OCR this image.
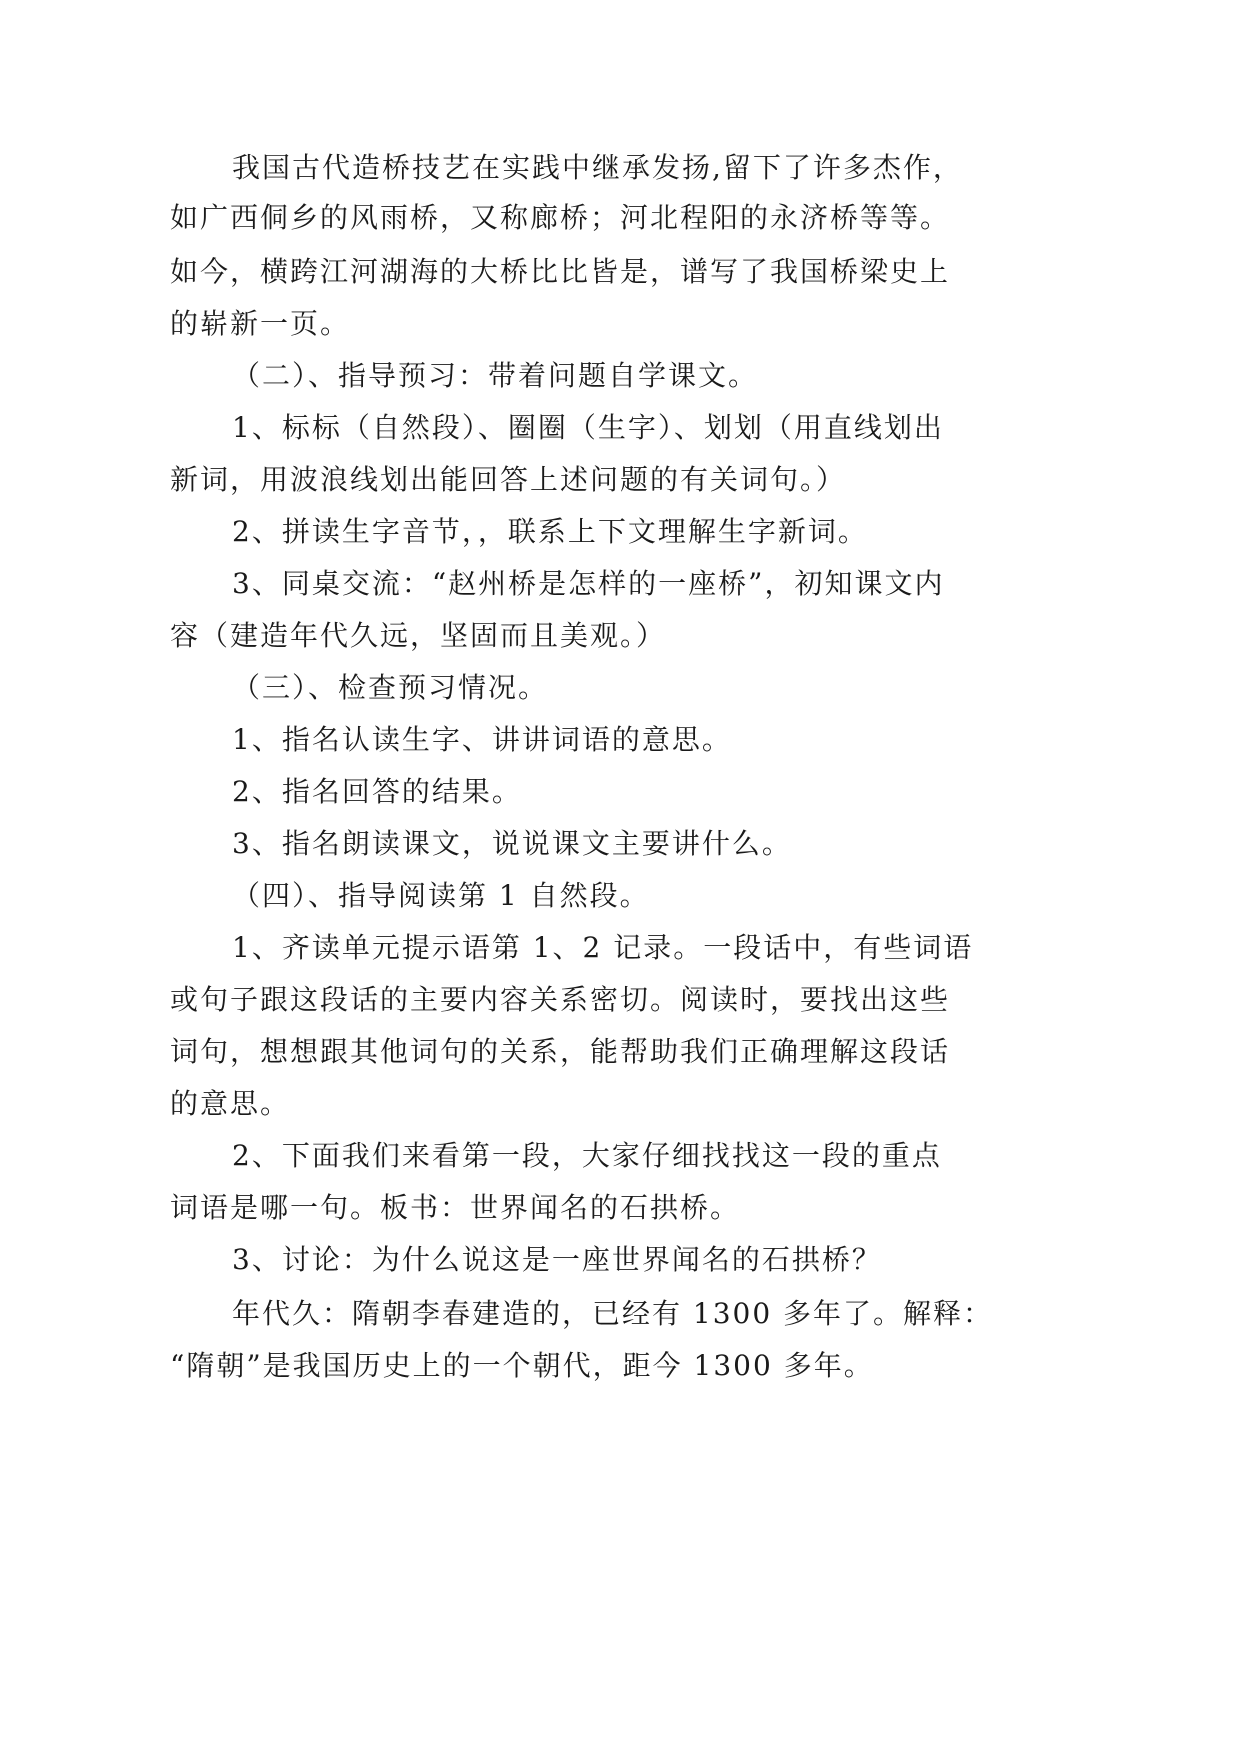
我国古代造桥技艺在实践中继承发扬,留下了许多杰作，
如广西侗乡的风雨桥，又称廊桥；河北程阳的永济桥等等。
如今，横跨江河湖海的大桥比比皆是，谱写了我国桥梁史上
的崭新一页。
（二）、指导预习：带着问题自学课文。
1、标标（自然段）、圈圈（生字）、划划（用直线划出
新词，用波浪线划出能回答上述问题的有关词句。）
2、拼读生字音节，，联系上下文理解生字新词。
3、同桌交流：“赵州桥是怎样的一座桥”，初知课文内
容（建造年代久远，坚固而且美观。）
（三）、检查预习情况。
1、指名认读生字、讲讲词语的意思。
2、指名回答的结果。
3、指名朗读课文，说说课文主要讲什么。
（四）、指导阅读第 1 自然段。
1、齐读单元提示语第 1、2 记录。一段话中，有些词语
或句子跟这段话的主要内容关系密切。阅读时，要找出这些
词句，想想跟其他词句的关系，能帮助我们正确理解这段话
的意思。
2、下面我们来看第一段，大家仔细找找这一段的重点
词语是哪一句。板书：世界闻名的石拱桥。
3、讨论：为什么说这是一座世界闻名的石拱桥？
年代久：隋朝李春建造的，已经有 1300 多年了。解释：
“隋朝”是我国历史上的一个朝代，距今 1300 多年。
